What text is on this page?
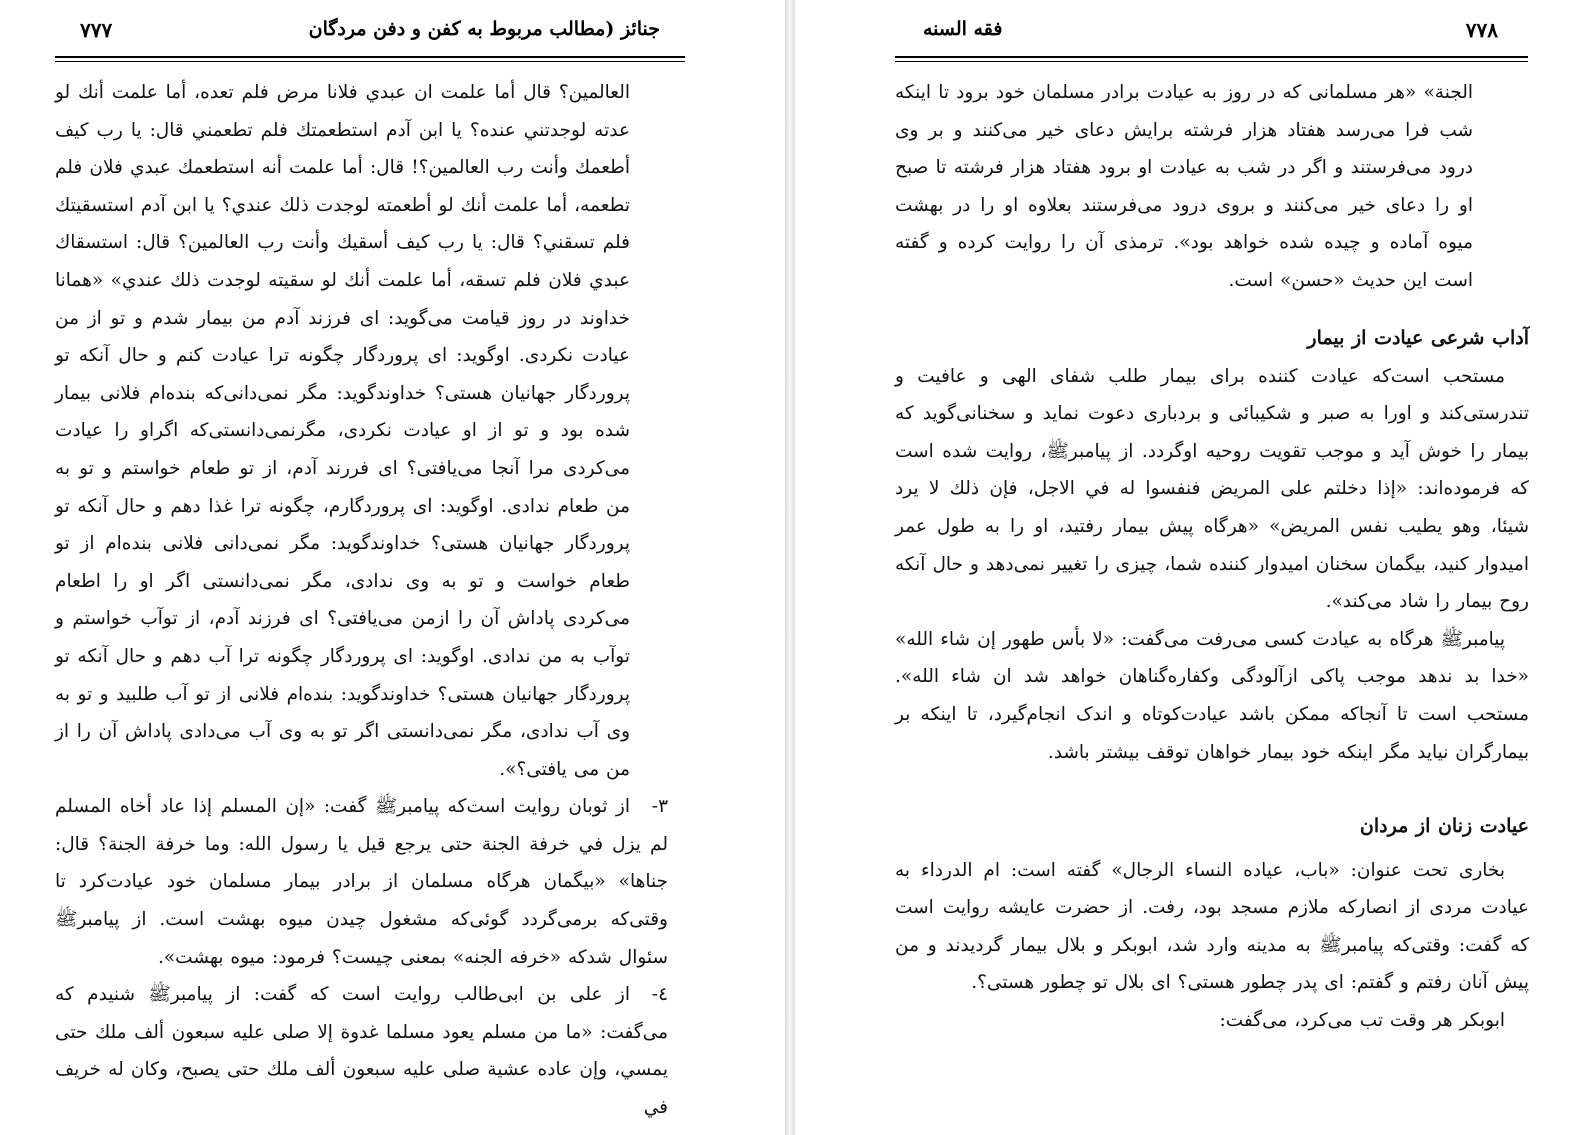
جنائز (مطالب مربوط به کفن و دفن مردگان
٧٧٧

العالمين؟ قال أما علمت ان عبدي فلانا مرض فلم تعده، أما علمت أنك لو عدته لوجدتني عنده؟ يا ابن آدم استطعمتك فلم تطعمني قال: يا رب كيف أطعمك وأنت رب العالمين؟! قال: أما علمت أنه استطعمك عبدي فلان فلم تطعمه، أما علمت أنك لو أطعمته لوجدت ذلك عندي؟ يا ابن آدم استسقيتك فلم تسقني؟ قال: يا رب كيف أسقيك وأنت رب العالمين؟ قال: استسقاك عبدي فلان فلم تسقه، أما علمت أنك لو سقيته لوجدت ذلك عندي» «همانا خداوند در روز قیامت می‌گوید: ای فرزند آدم من بیمار شدم و تو از من عیادت نکردی. اوگوید: ای پروردگار چگونه ترا عیادت کنم و حال آنکه تو پروردگار جهانیان هستی؟ خداوندگوید: مگر نمی‌دانی‌که بنده‌ام فلانی بیمار شده بود و تو از او عیادت نکردی، مگرنمی‌دانستی‌که اگراو را عیادت می‌کردی مرا آنجا می‌یافتی؟ ای فررند آدم، از تو طعام خواستم و تو به من طعام ندادی. اوگوید: ای پروردگارم، چگونه ترا غذا دهم و حال آنکه تو پروردگار جهانیان هستی؟ خداوندگوید: مگر نمی‌دانی فلانی بنده‌ام از تو طعام خواست و تو به وی ندادی، مگر نمی‌دانستی اگر او را اطعام می‌کردی پاداش آن را ازمن می‌یافتی؟ ای فرزند آدم، از توآب خواستم و توآب به من ندادی. اوگوید: ای پروردگار چگونه ترا آب دهم و حال آنکه تو پروردگار جهانیان هستی؟ خداوندگوید: بنده‌ام فلانی از تو آب طلبید و تو به وی آب ندادی، مگر نمی‌دانستی اگر تو به وی آب می‌دادی پاداش آن را از من می یافتی؟».

٣-از ثوبان روایت است‌که پیامبرﷺ گفت: «إن المسلم إذا عاد أخاه المسلم لم يزل في خرفة الجنة حتى يرجع قيل يا رسول الله: وما خرفة الجنة؟ قال: جناها» «بیگمان هرگاه مسلمان از برادر بیمار مسلمان خود عیادت‌کرد تا وقتی‌که برمی‌گردد گوئی‌که مشغول چیدن میوه بهشت است. از پیامبرﷺ سئوال شدکه «خرفه الجنه» بمعنی چیست؟ فرمود: میوه بهشت».

٤-از علی بن ابی‌طالب روایت است که گفت: از پیامبرﷺ شنیدم که می‌گفت: «ما من مسلم يعود مسلما غدوة إلا صلى عليه سبعون ألف ملك حتى يمسي، وإن عاده عشية صلى عليه سبعون ألف ملك حتى يصبح، وكان له خريف في

٧٧٨
فقه السنه

الجنة» «هر مسلمانی که در روز به عیادت برادر مسلمان خود برود تا اینکه شب فرا می‌رسد هفتاد هزار فرشته برایش دعای خیر می‌کنند و بر وی درود می‌فرستند و اگر در شب به عیادت او برود هفتاد هزار فرشته تا صبح او را دعای خیر می‌کنند و بروی درود می‌فرستند بعلاوه او را در بهشت میوه آماده و چیده شده خواهد بود». ترمذی آن را روایت کرده و گفته است این حدیث «حسن» است.

آداب شرعی عیادت از بیمار

مستحب است‌که عیادت کننده برای بیمار طلب شفای الهی و عافیت و تندرستی‌کند و اورا به صبر و شکیبائی و بردباری دعوت نماید و سخنانی‌گوید که بیمار را خوش آید و موجب تقویت روحیه اوگردد. از پیامبرﷺ، روایت شده است که فرموده‌اند: «إذا دخلتم على المريض فنفسوا له في الاجل، فإن ذلك لا يرد شيئا، وهو يطيب نفس المريض» «هرگاه پیش بیمار رفتید، او را به طول عمر امیدوار کنید، بیگمان سخنان امیدوار کننده شما، چیزی را تغییر نمی‌دهد و حال آنکه روح بیمار را شاد می‌کند».

پیامبرﷺ هرگاه به عیادت کسی می‌رفت می‌گفت: «لا بأس طهور إن شاء الله» «خدا بد ندهد موجب پاکی ازآلودگی وکفاره‌گناهان خواهد شد ان شاء الله». مستحب است تا آنجاکه ممکن باشد عیادت‌کوتاه و اندک انجام‌گیرد، تا اینکه بر بیمارگران نیاید مگر اینکه خود بیمار خواهان توقف بیشتر باشد.

عیادت زنان از مردان

بخاری تحت عنوان: «باب، عياده النساء الرجال» گفته است: ام الدرداء به عیادت مردی از انصارکه ملازم مسجد بود، رفت. از حضرت عایشه روایت است که گفت: وقتی‌که پیامبرﷺ به مدینه وارد شد، ابوبکر و بلال بیمار گردیدند و من پیش آنان رفتم و گفتم: ای پدر چطور هستی؟ ای بلال تو چطور هستی؟.

ابوبکر هر وقت تب می‌کرد، می‌گفت:
